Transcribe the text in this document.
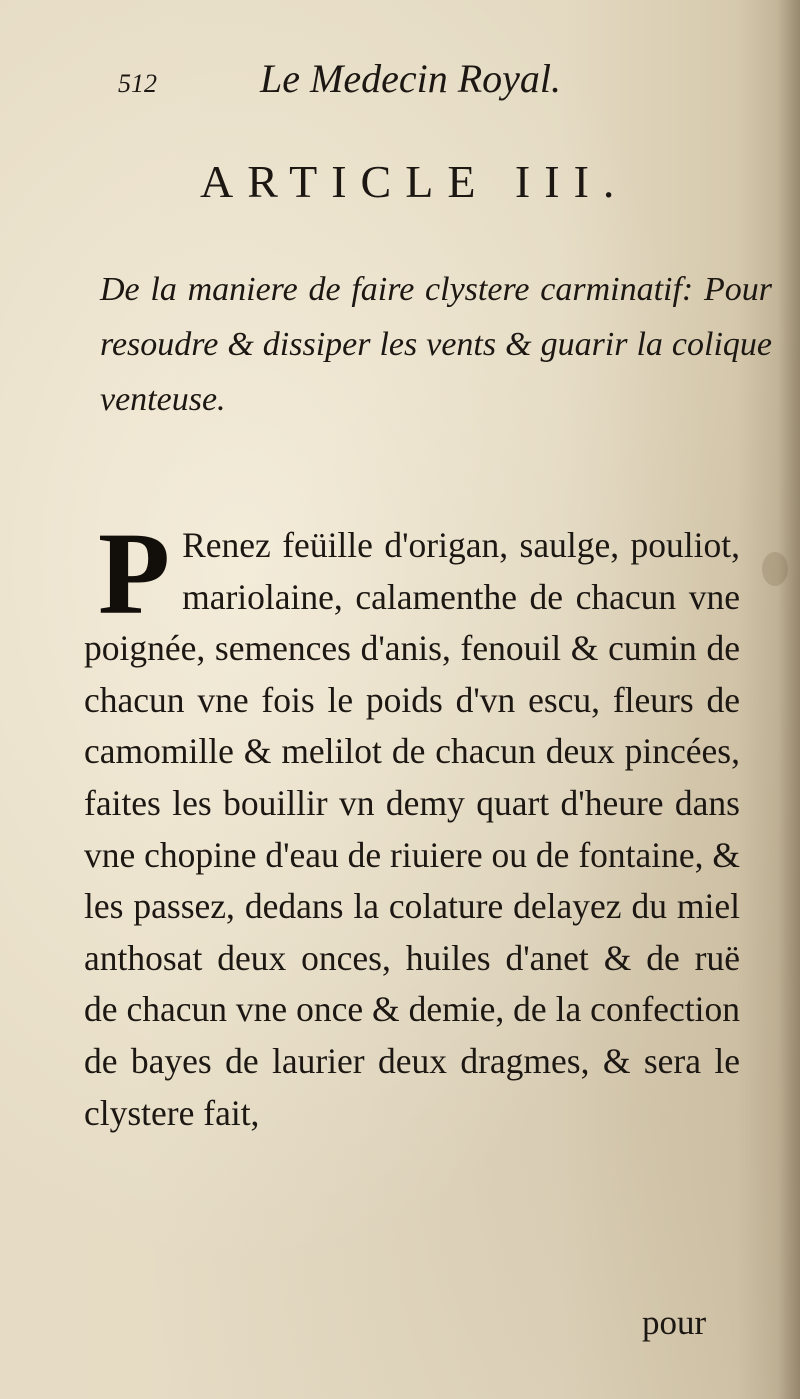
512	Le Medecin Royal.
ARTICLE III.
De la maniere de faire clystere carminatif: Pour resoudre & dissiper les vents & guarir la colique venteuse.
P Renez feüille d'origan, saulge, pouliot, mariolaine, calamenthe de chacun vne poignée, semences d'anis, fenouil & cumin de chacun vne fois le poids d'vn escu, fleurs de camomille & melilot de chacun deux pincées, faites les bouillir vn demy quart d'heure dans vne chopine d'eau de riuiere ou de fontaine, & les passez, dedans la colature delayez du miel anthosat deux onces, huiles d'anet & de ruë de chacun vne once & demie, de la confection de bayes de laurier deux dragmes, & sera le clystere fait,
pour
